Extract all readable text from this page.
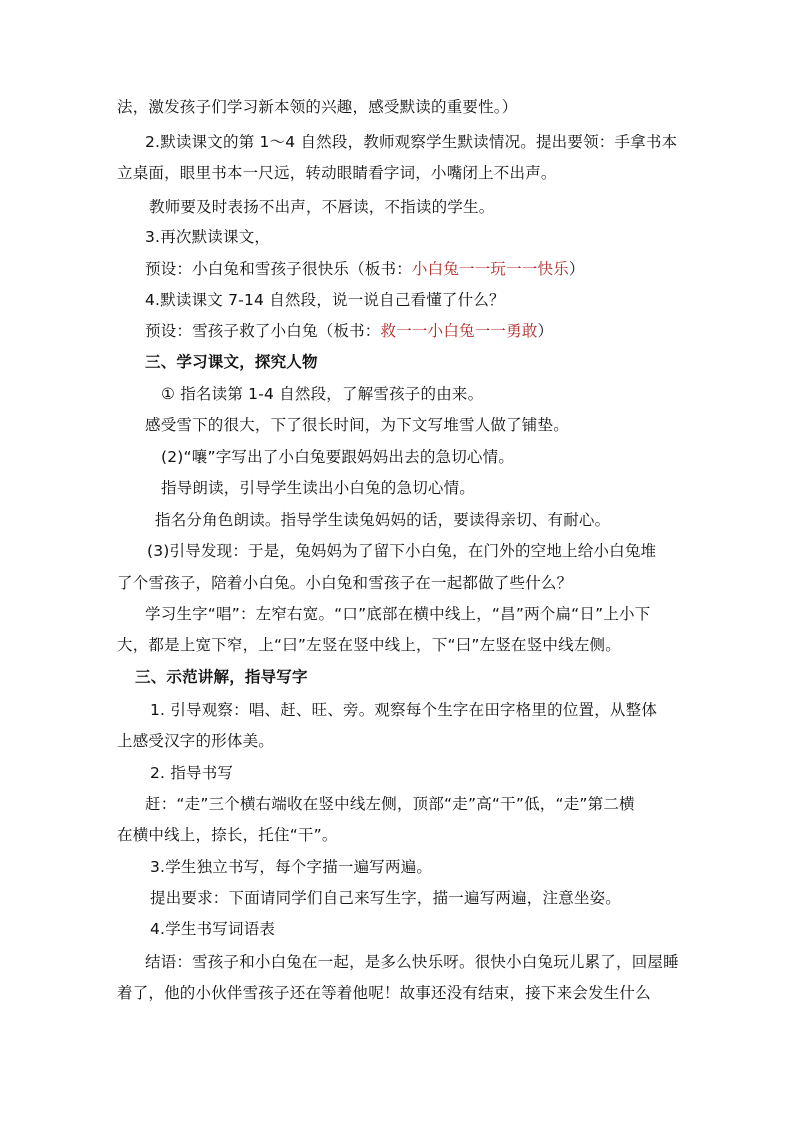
法，激发孩子们学习新本领的兴趣，感受默读的重要性。）
2.默读课文的第 1～4 自然段，教师观察学生默读情况。提出要领：手拿书本
立桌面，眼里书本一尺远，转动眼睛看字词，小嘴闭上不出声。
教师要及时表扬不出声，不唇读，不指读的学生。
3.再次默读课文，
预设：小白兔和雪孩子很快乐（板书：小白兔一一玩一一快乐）
4.默读课文 7-14 自然段，说一说自己看懂了什么？
预设：雪孩子救了小白兔（板书：救一一小白兔一一勇敢）
三、学习课文，探究人物
① 指名读第 1-4 自然段，了解雪孩子的由来。
感受雪下的很大，下了很长时间，为下文写堆雪人做了铺垫。
(2)“嚷”字写出了小白兔要跟妈妈出去的急切心情。
指导朗读，引导学生读出小白兔的急切心情。
指名分角色朗读。指导学生读兔妈妈的话，要读得亲切、有耐心。
(3)引导发现：于是，兔妈妈为了留下小白兔，在门外的空地上给小白兔堆
了个雪孩子，陪着小白兔。小白兔和雪孩子在一起都做了些什么？
学习生字“唱”：左窄右宽。“口”底部在横中线上，“昌”两个扁“日”上小下
大，都是上宽下窄，上“曰”左竖在竖中线上，下“曰”左竖在竖中线左侧。
三、示范讲解，指导写字
1. 引导观察：唱、赶、旺、旁。观察每个生字在田字格里的位置，从整体
上感受汉字的形体美。
2. 指导书写
赶：“走”三个横右端收在竖中线左侧，顶部“走”高“干”低，“走”第二横
在横中线上，捺长，托住“干”。
3.学生独立书写，每个字描一遍写两遍。
提出要求：下面请同学们自己来写生字，描一遍写两遍，注意坐姿。
4.学生书写词语表
结语：雪孩子和小白兔在一起，是多么快乐呀。很快小白兔玩儿累了，回屋睡
着了，他的小伙伴雪孩子还在等着他呢！故事还没有结束，接下来会发生什么
